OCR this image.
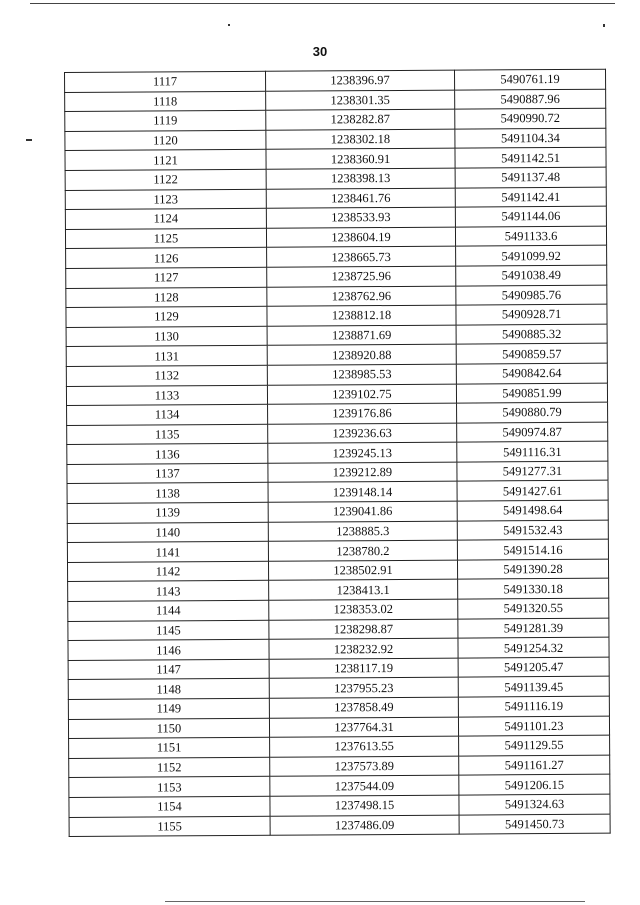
30
1117	1238396.97	5490761.19
1118	1238301.35	5490887.96
1119	1238282.87	5490990.72
1120	1238302.18	5491104.34
1121	1238360.91	5491142.51
1122	1238398.13	5491137.48
1123	1238461.76	5491142.41
1124	1238533.93	5491144.06
1125	1238604.19	5491133.6
1126	1238665.73	5491099.92
1127	1238725.96	5491038.49
1128	1238762.96	5490985.76
1129	1238812.18	5490928.71
1130	1238871.69	5490885.32
1131	1238920.88	5490859.57
1132	1238985.53	5490842.64
1133	1239102.75	5490851.99
1134	1239176.86	5490880.79
1135	1239236.63	5490974.87
1136	1239245.13	5491116.31
1137	1239212.89	5491277.31
1138	1239148.14	5491427.61
1139	1239041.86	5491498.64
1140	1238885.3	5491532.43
1141	1238780.2	5491514.16
1142	1238502.91	5491390.28
1143	1238413.1	5491330.18
1144	1238353.02	5491320.55
1145	1238298.87	5491281.39
1146	1238232.92	5491254.32
1147	1238117.19	5491205.47
1148	1237955.23	5491139.45
1149	1237858.49	5491116.19
1150	1237764.31	5491101.23
1151	1237613.55	5491129.55
1152	1237573.89	5491161.27
1153	1237544.09	5491206.15
1154	1237498.15	5491324.63
1155	1237486.09	5491450.73
